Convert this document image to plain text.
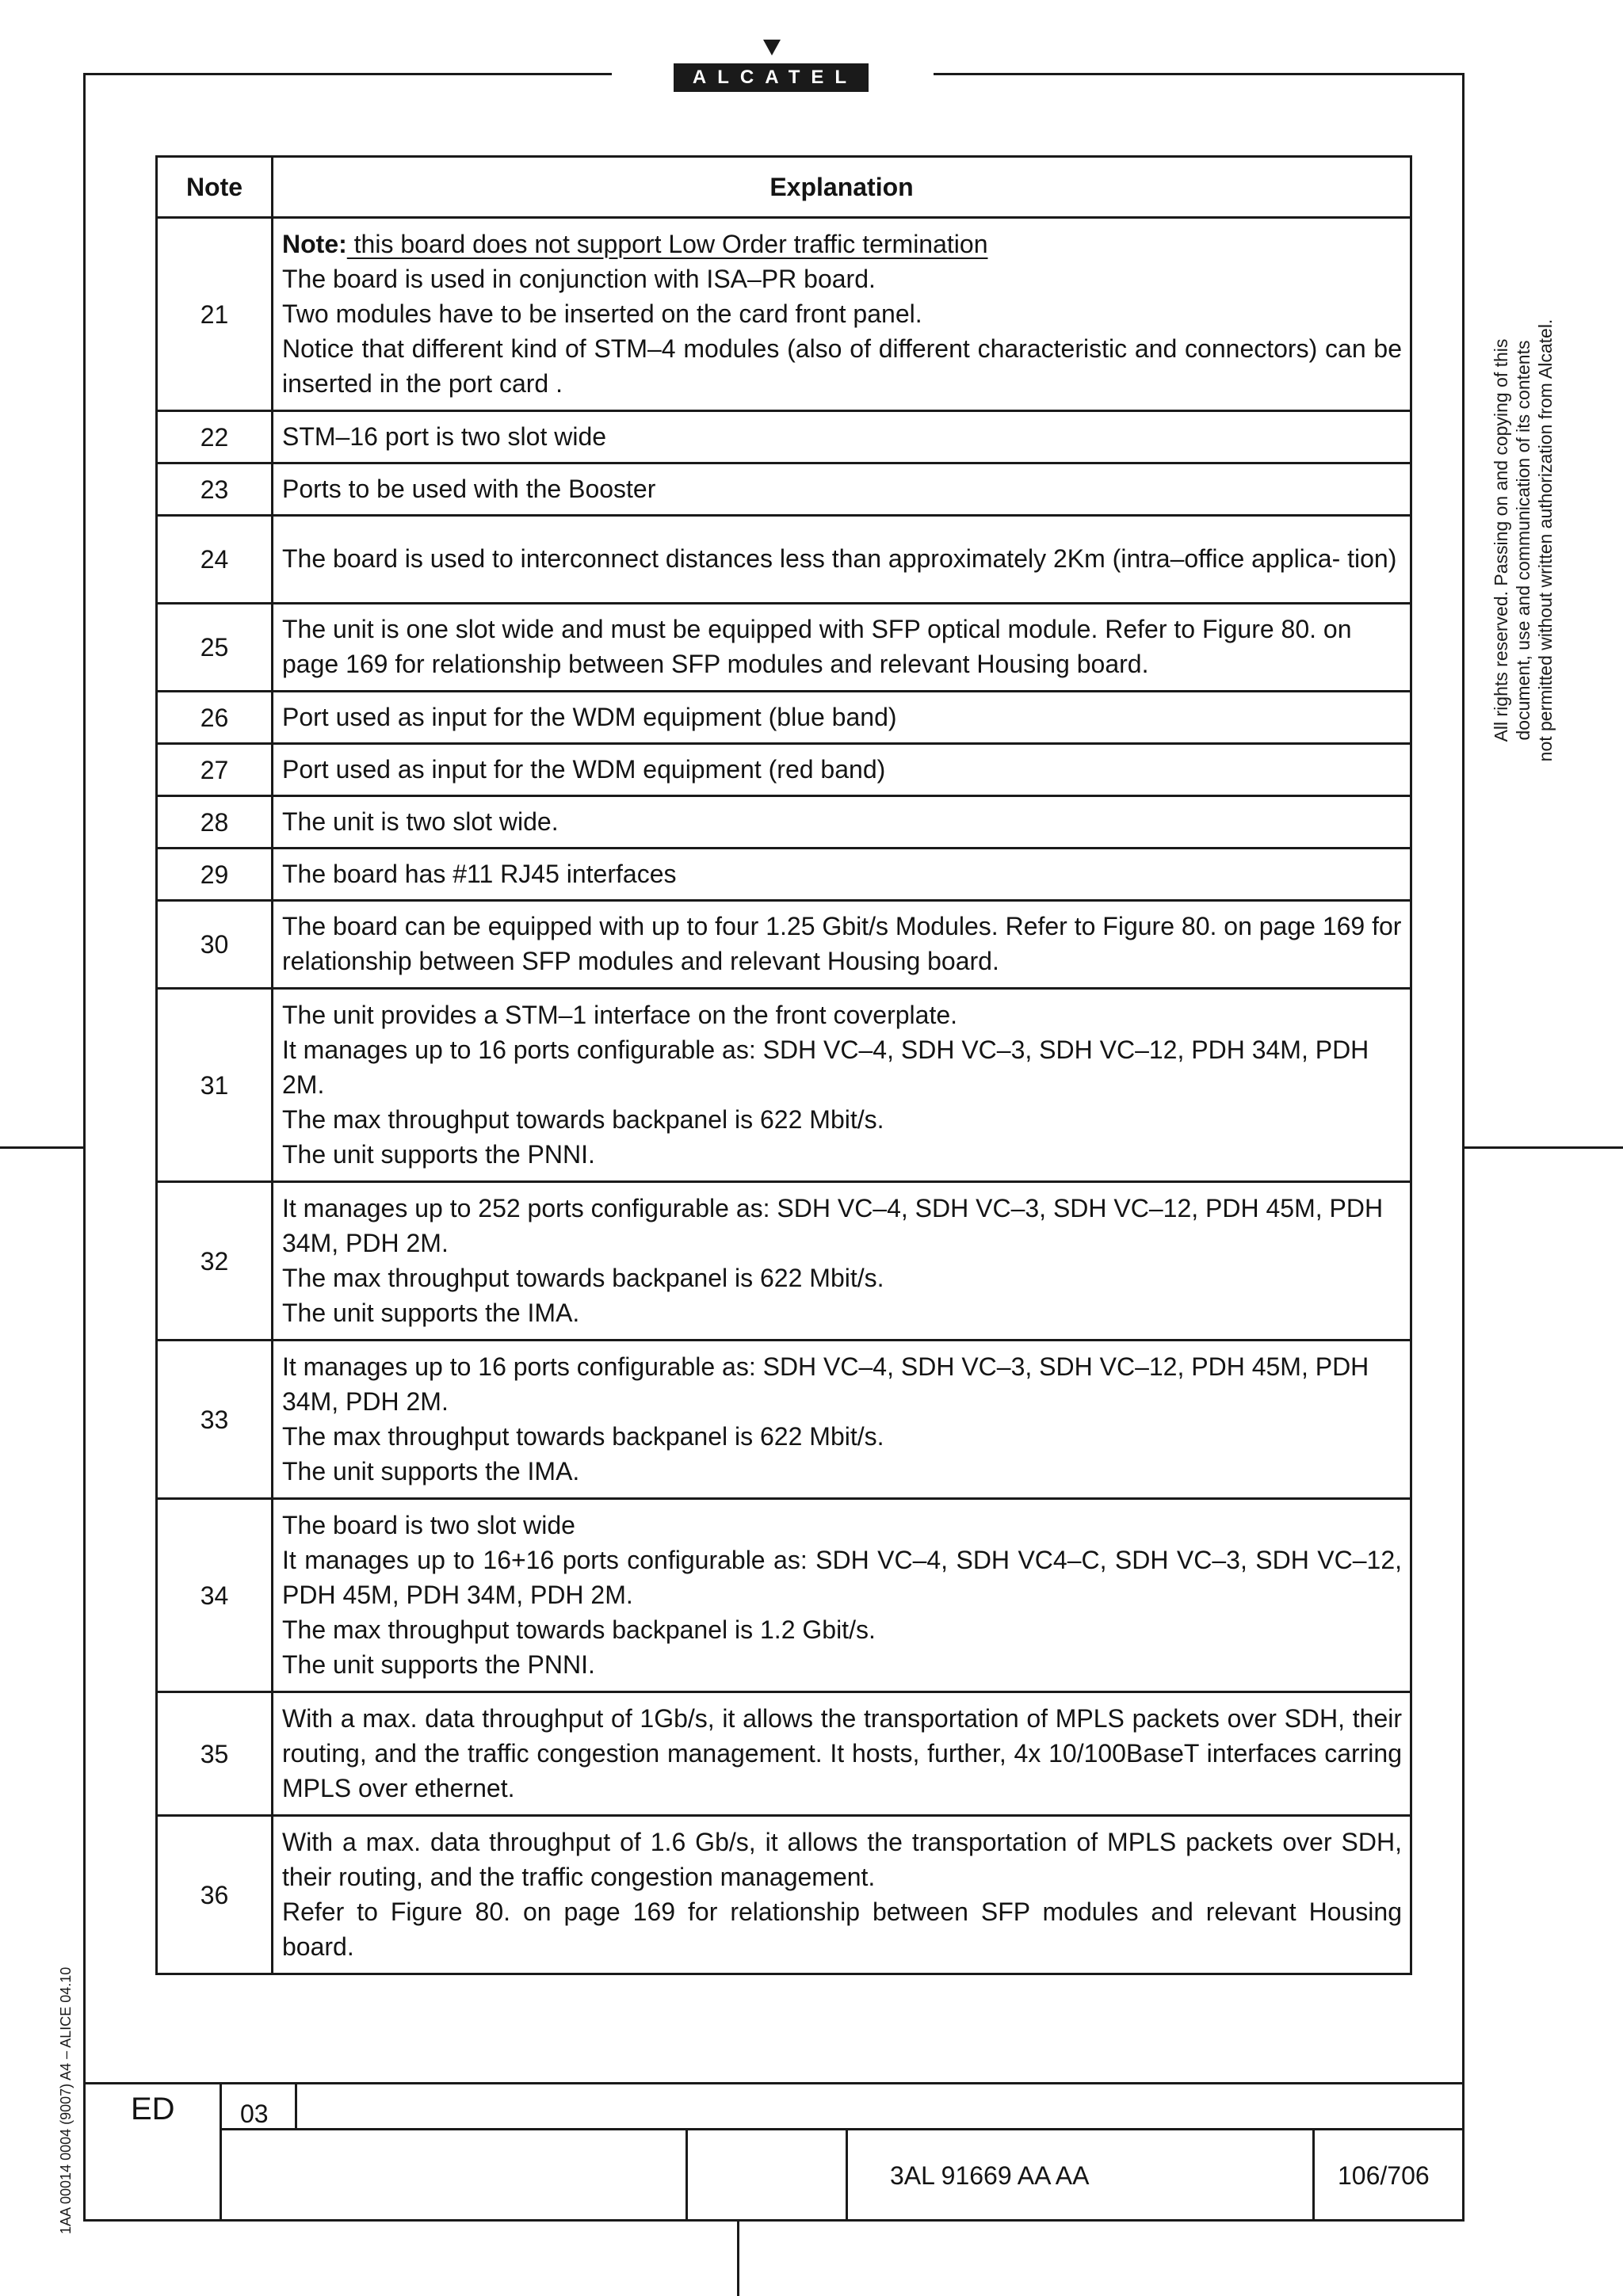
ALCATEL
Note	Explanation
21	Note: this board does not support Low Order traffic termination
The board is used in conjunction with ISA–PR board.
Two modules have to be inserted on the card front panel.
Notice that different kind of STM–4 modules (also of different characteristic and connectors) can be inserted in the port card .

22	STM–16 port is two slot wide

23	Ports to be used with the Booster

24	The board is used to interconnect distances less than approximately 2Km (intra–office applica- tion)

25	The unit is one slot wide and must be equipped with SFP optical module. Refer to Figure 80. on page 169 for relationship between SFP modules and relevant Housing board.

26	Port used as input for the WDM equipment (blue band)

27	Port used as input for the WDM equipment (red band)

28	The unit is two slot wide.

29	The board has #11 RJ45 interfaces

30	The board can be equipped with up to four 1.25 Gbit/s Modules. Refer to Figure 80. on page 169 for relationship between SFP modules and relevant Housing board.

31	The unit provides a STM–1 interface on the front coverplate.
It manages up to 16 ports configurable as: SDH VC–4, SDH VC–3, SDH VC–12, PDH 34M, PDH 2M.
The max throughput towards backpanel is 622 Mbit/s.
The unit supports the PNNI.

32	It manages up to 252 ports configurable as: SDH VC–4, SDH VC–3, SDH VC–12, PDH 45M, PDH 34M, PDH 2M.
The max throughput towards backpanel is 622 Mbit/s.
The unit supports the IMA.

33	It manages up to 16 ports configurable as: SDH VC–4, SDH VC–3, SDH VC–12, PDH 45M, PDH 34M, PDH 2M.
The max throughput towards backpanel is 622 Mbit/s.
The unit supports the IMA.

34	The board is two slot wide
It manages up to 16+16 ports configurable as: SDH VC–4, SDH VC4–C, SDH VC–3, SDH VC–12, PDH 45M, PDH 34M, PDH 2M.
The max throughput towards backpanel is 1.2 Gbit/s.
The unit supports the PNNI.

35	With a max. data throughput of 1Gb/s, it allows the transportation of MPLS packets over SDH, their routing, and the traffic congestion management. It hosts, further, 4x 10/100BaseT interfaces carring MPLS over ethernet.

36	With a max. data throughput of 1.6 Gb/s, it allows the transportation of MPLS packets over SDH, their routing, and the traffic congestion management.
Refer to Figure 80. on page 169 for relationship between SFP modules and relevant Housing board.
All rights reserved. Passing on and copying of this document, use and communication of its contents not permitted without written authorization from Alcatel.
1AA 00014 0004 (9007) A4 – ALICE 04.10 ED	03
3AL 91669 AA AA	106/706
